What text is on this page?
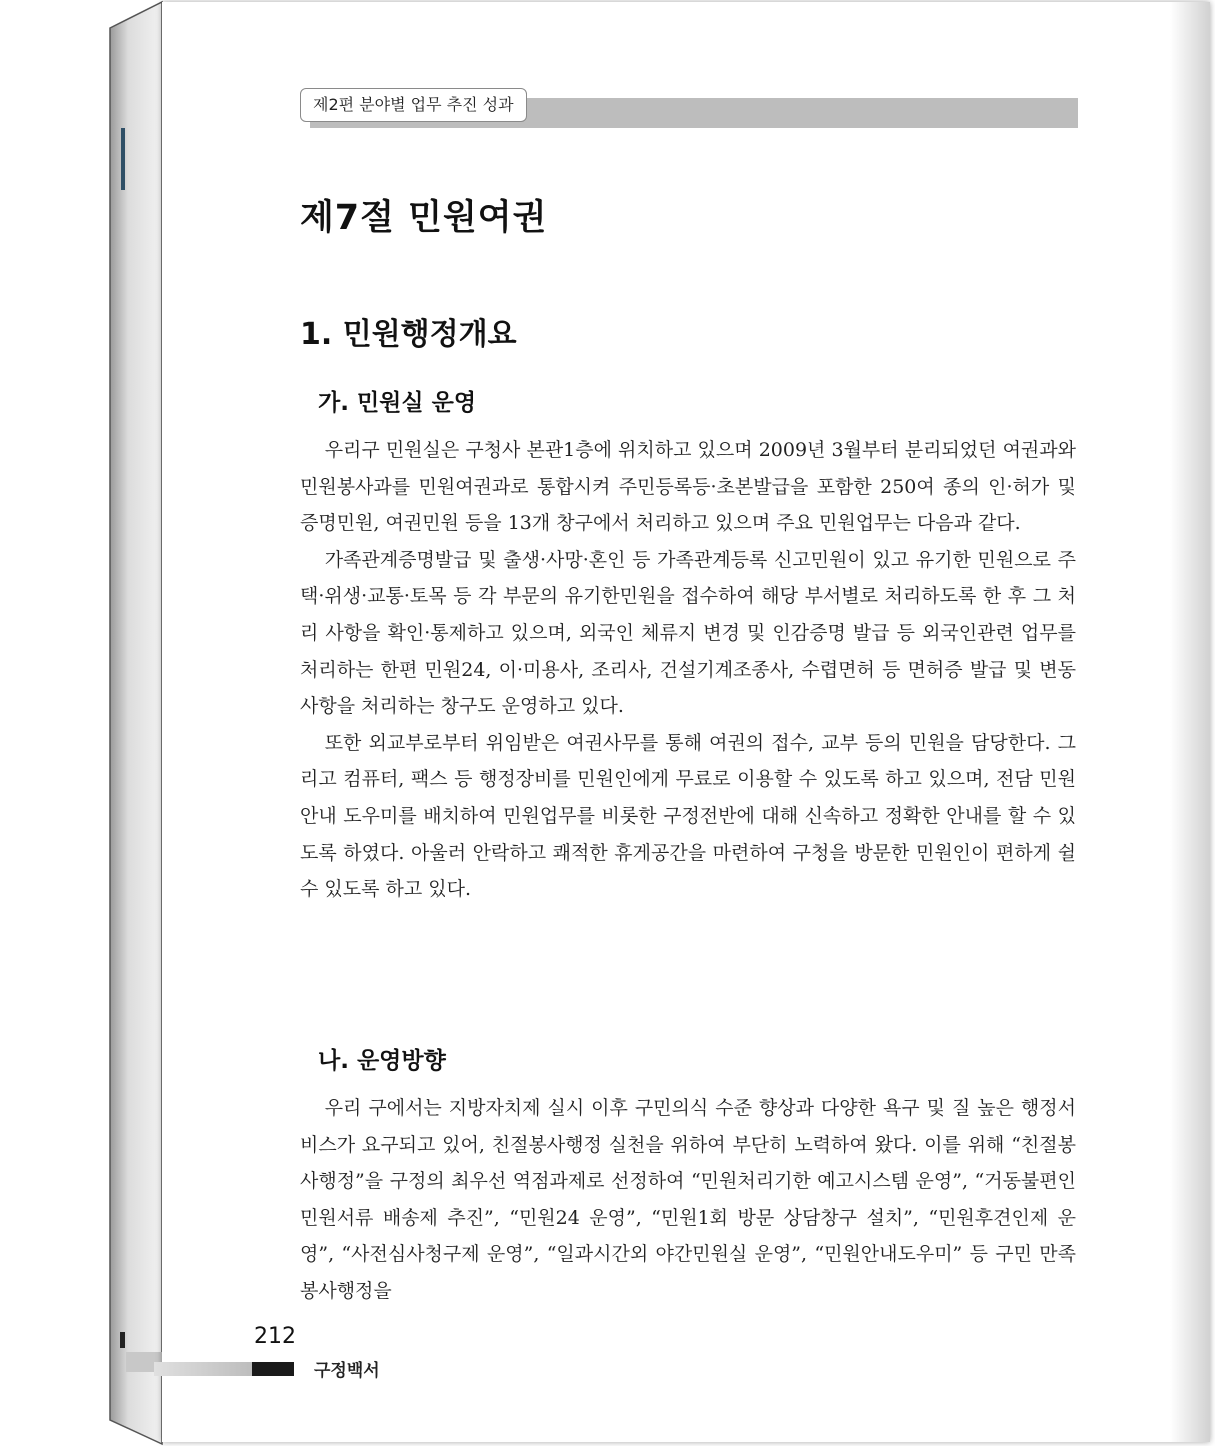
제2편 분야별 업무 추진 성과
제7절 민원여권
1. 민원행정개요
가. 민원실 운영

우리구 민원실은 구청사 본관1층에 위치하고 있으며 2009년 3월부터 분리되었던 여권과와 민원봉사과를 민원여권과로 통합시켜 주민등록등·초본발급을 포함한 250여 종의 인·허가 및 증명민원, 여권민원 등을 13개 창구에서 처리하고 있으며 주요 민원업무는 다음과 같다.

가족관계증명발급 및 출생·사망·혼인 등 가족관계등록 신고민원이 있고 유기한 민원으로 주택·위생·교통·토목 등 각 부문의 유기한민원을 접수하여 해당 부서별로 처리하도록 한 후 그 처리 사항을 확인·통제하고 있으며, 외국인 체류지 변경 및 인감증명 발급 등 외국인관련 업무를 처리하는 한편 민원24, 이·미용사, 조리사, 건설기계조종사, 수렵면허 등 면허증 발급 및 변동사항을 처리하는 창구도 운영하고 있다.

또한 외교부로부터 위임받은 여권사무를 통해 여권의 접수, 교부 등의 민원을 담당한다. 그리고 컴퓨터, 팩스 등 행정장비를 민원인에게 무료로 이용할 수 있도록 하고 있으며, 전담 민원안내 도우미를 배치하여 민원업무를 비롯한 구정전반에 대해 신속하고 정확한 안내를 할 수 있도록 하였다. 아울러 안락하고 쾌적한 휴게공간을 마련하여 구청을 방문한 민원인이 편하게 쉴 수 있도록 하고 있다.

나. 운영방향

우리 구에서는 지방자치제 실시 이후 구민의식 수준 향상과 다양한 욕구 및 질 높은 행정서비스가 요구되고 있어, 친절봉사행정 실천을 위하여 부단히 노력하여 왔다. 이를 위해 “친절봉사행정”을 구정의 최우선 역점과제로 선정하여 “민원처리기한 예고시스템 운영”, “거동불편인 민원서류 배송제 추진”, “민원24 운영”, “민원1회 방문 상담창구 설치”, “민원후견인제 운영”, “사전심사청구제 운영”, “일과시간외 야간민원실 운영”, “민원안내도우미” 등 구민 만족 봉사행정을

212
구정백서
